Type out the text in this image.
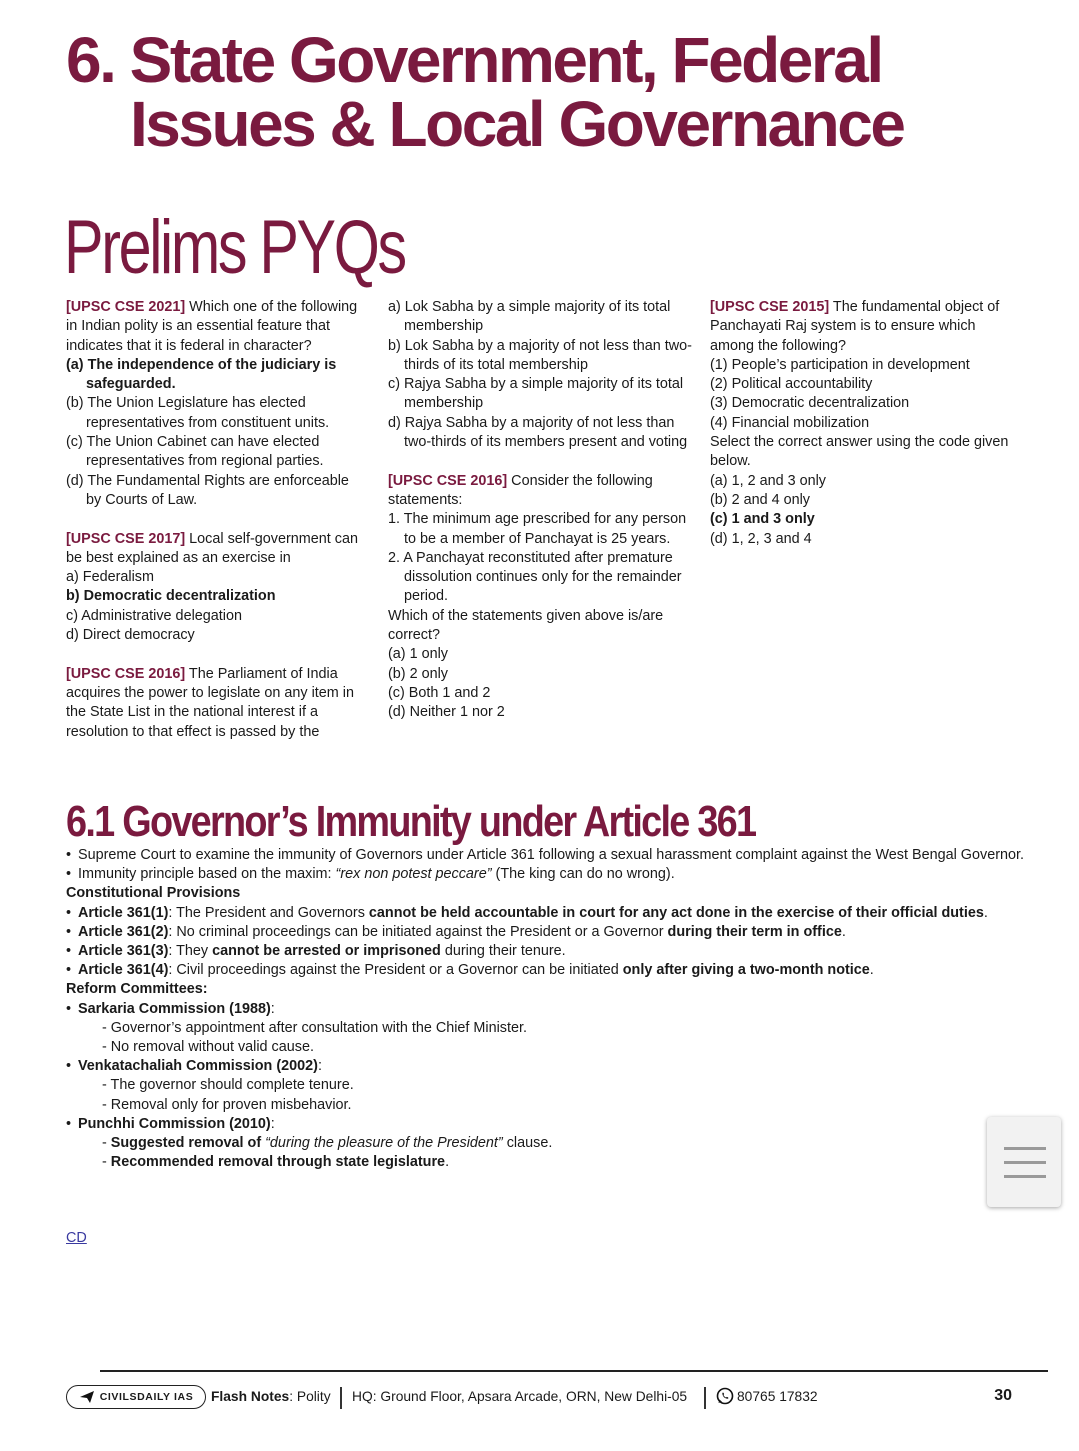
6. State Government, Federal
Issues & Local Governance
Prelims PYQs
[UPSC CSE 2021] Which one of the following in Indian polity is an essential feature that indicates that it is federal in character?
(a) The independence of the judiciary is safeguarded.
(b) The Union Legislature has elected representatives from constituent units.
(c) The Union Cabinet can have elected representatives from regional parties.
(d) The Fundamental Rights are enforceable by Courts of Law.
[UPSC CSE 2017] Local self-government can be best explained as an exercise in
a) Federalism
b) Democratic decentralization
c) Administrative delegation
d) Direct democracy
[UPSC CSE 2016] The Parliament of India acquires the power to legislate on any item in the State List in the national interest if a resolution to that effect is passed by the
a) Lok Sabha by a simple majority of its total membership
b) Lok Sabha by a majority of not less than two-thirds of its total membership
c) Rajya Sabha by a simple majority of its total membership
d) Rajya Sabha by a majority of not less than two-thirds of its members present and voting
[UPSC CSE 2016] Consider the following statements:
1. The minimum age prescribed for any person to be a member of Panchayat is 25 years.
2. A Panchayat reconstituted after premature dissolution continues only for the remainder period.
Which of the statements given above is/are correct?
(a) 1 only
(b) 2 only
(c) Both 1 and 2
(d) Neither 1 nor 2
[UPSC CSE 2015] The fundamental object of Panchayati Raj system is to ensure which among the following?
(1) People’s participation in development
(2) Political accountability
(3) Democratic decentralization
(4) Financial mobilization
Select the correct answer using the code given below.
(a) 1, 2 and 3 only
(b) 2 and 4 only
(c) 1 and 3 only
(d) 1, 2, 3 and 4
6.1 Governor’s Immunity under Article 361
• Supreme Court to examine the immunity of Governors under Article 361 following a sexual harassment complaint against the West Bengal Governor.
• Immunity principle based on the maxim: “rex non potest peccare” (The king can do no wrong).
Constitutional Provisions
• Article 361(1): The President and Governors cannot be held accountable in court for any act done in the exercise of their official duties.
• Article 361(2): No criminal proceedings can be initiated against the President or a Governor during their term in office.
• Article 361(3): They cannot be arrested or imprisoned during their tenure.
• Article 361(4): Civil proceedings against the President or a Governor can be initiated only after giving a two-month notice.
Reform Committees:
• Sarkaria Commission (1988):
- Governor’s appointment after consultation with the Chief Minister.
- No removal without valid cause.
• Venkatachaliah Commission (2002):
- The governor should complete tenure.
- Removal only for proven misbehavior.
• Punchhi Commission (2010):
- Suggested removal of “during the pleasure of the President” clause.
- Recommended removal through state legislature.
CD
CIVILSDAILY IAS Flash Notes: Polity HQ: Ground Floor, Apsara Arcade, ORN, New Delhi-05	80765 17832	30
